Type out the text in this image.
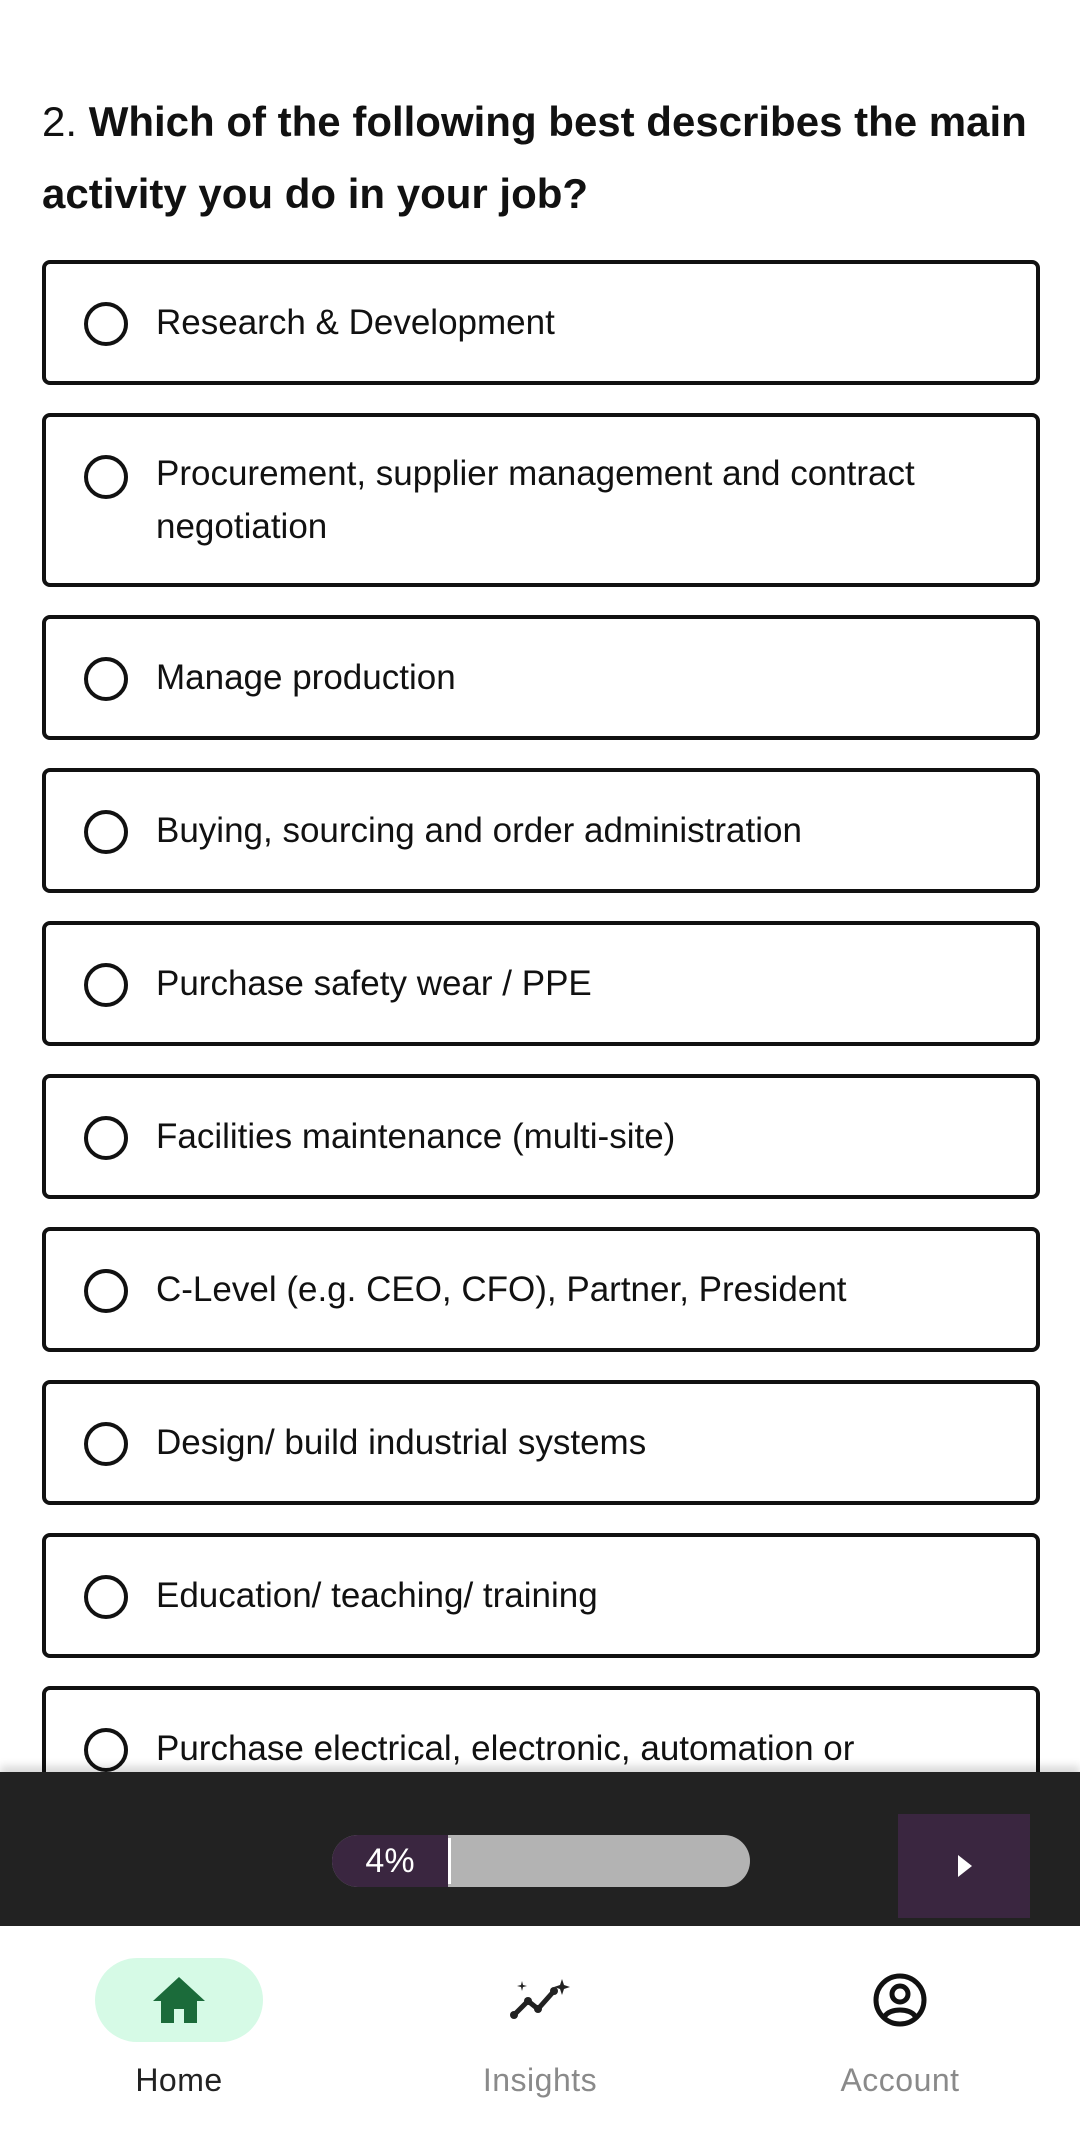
2. Which of the following best describes the main activity you do in your job?
Research & Development
Procurement, supplier management and contract negotiation
Manage production
Buying, sourcing and order administration
Purchase safety wear / PPE
Facilities maintenance (multi-site)
C-Level (e.g. CEO, CFO), Partner, President
Design/ build industrial systems
Education/ teaching/ training
Purchase electrical, electronic, automation or
4%
Home	Insights	Account
